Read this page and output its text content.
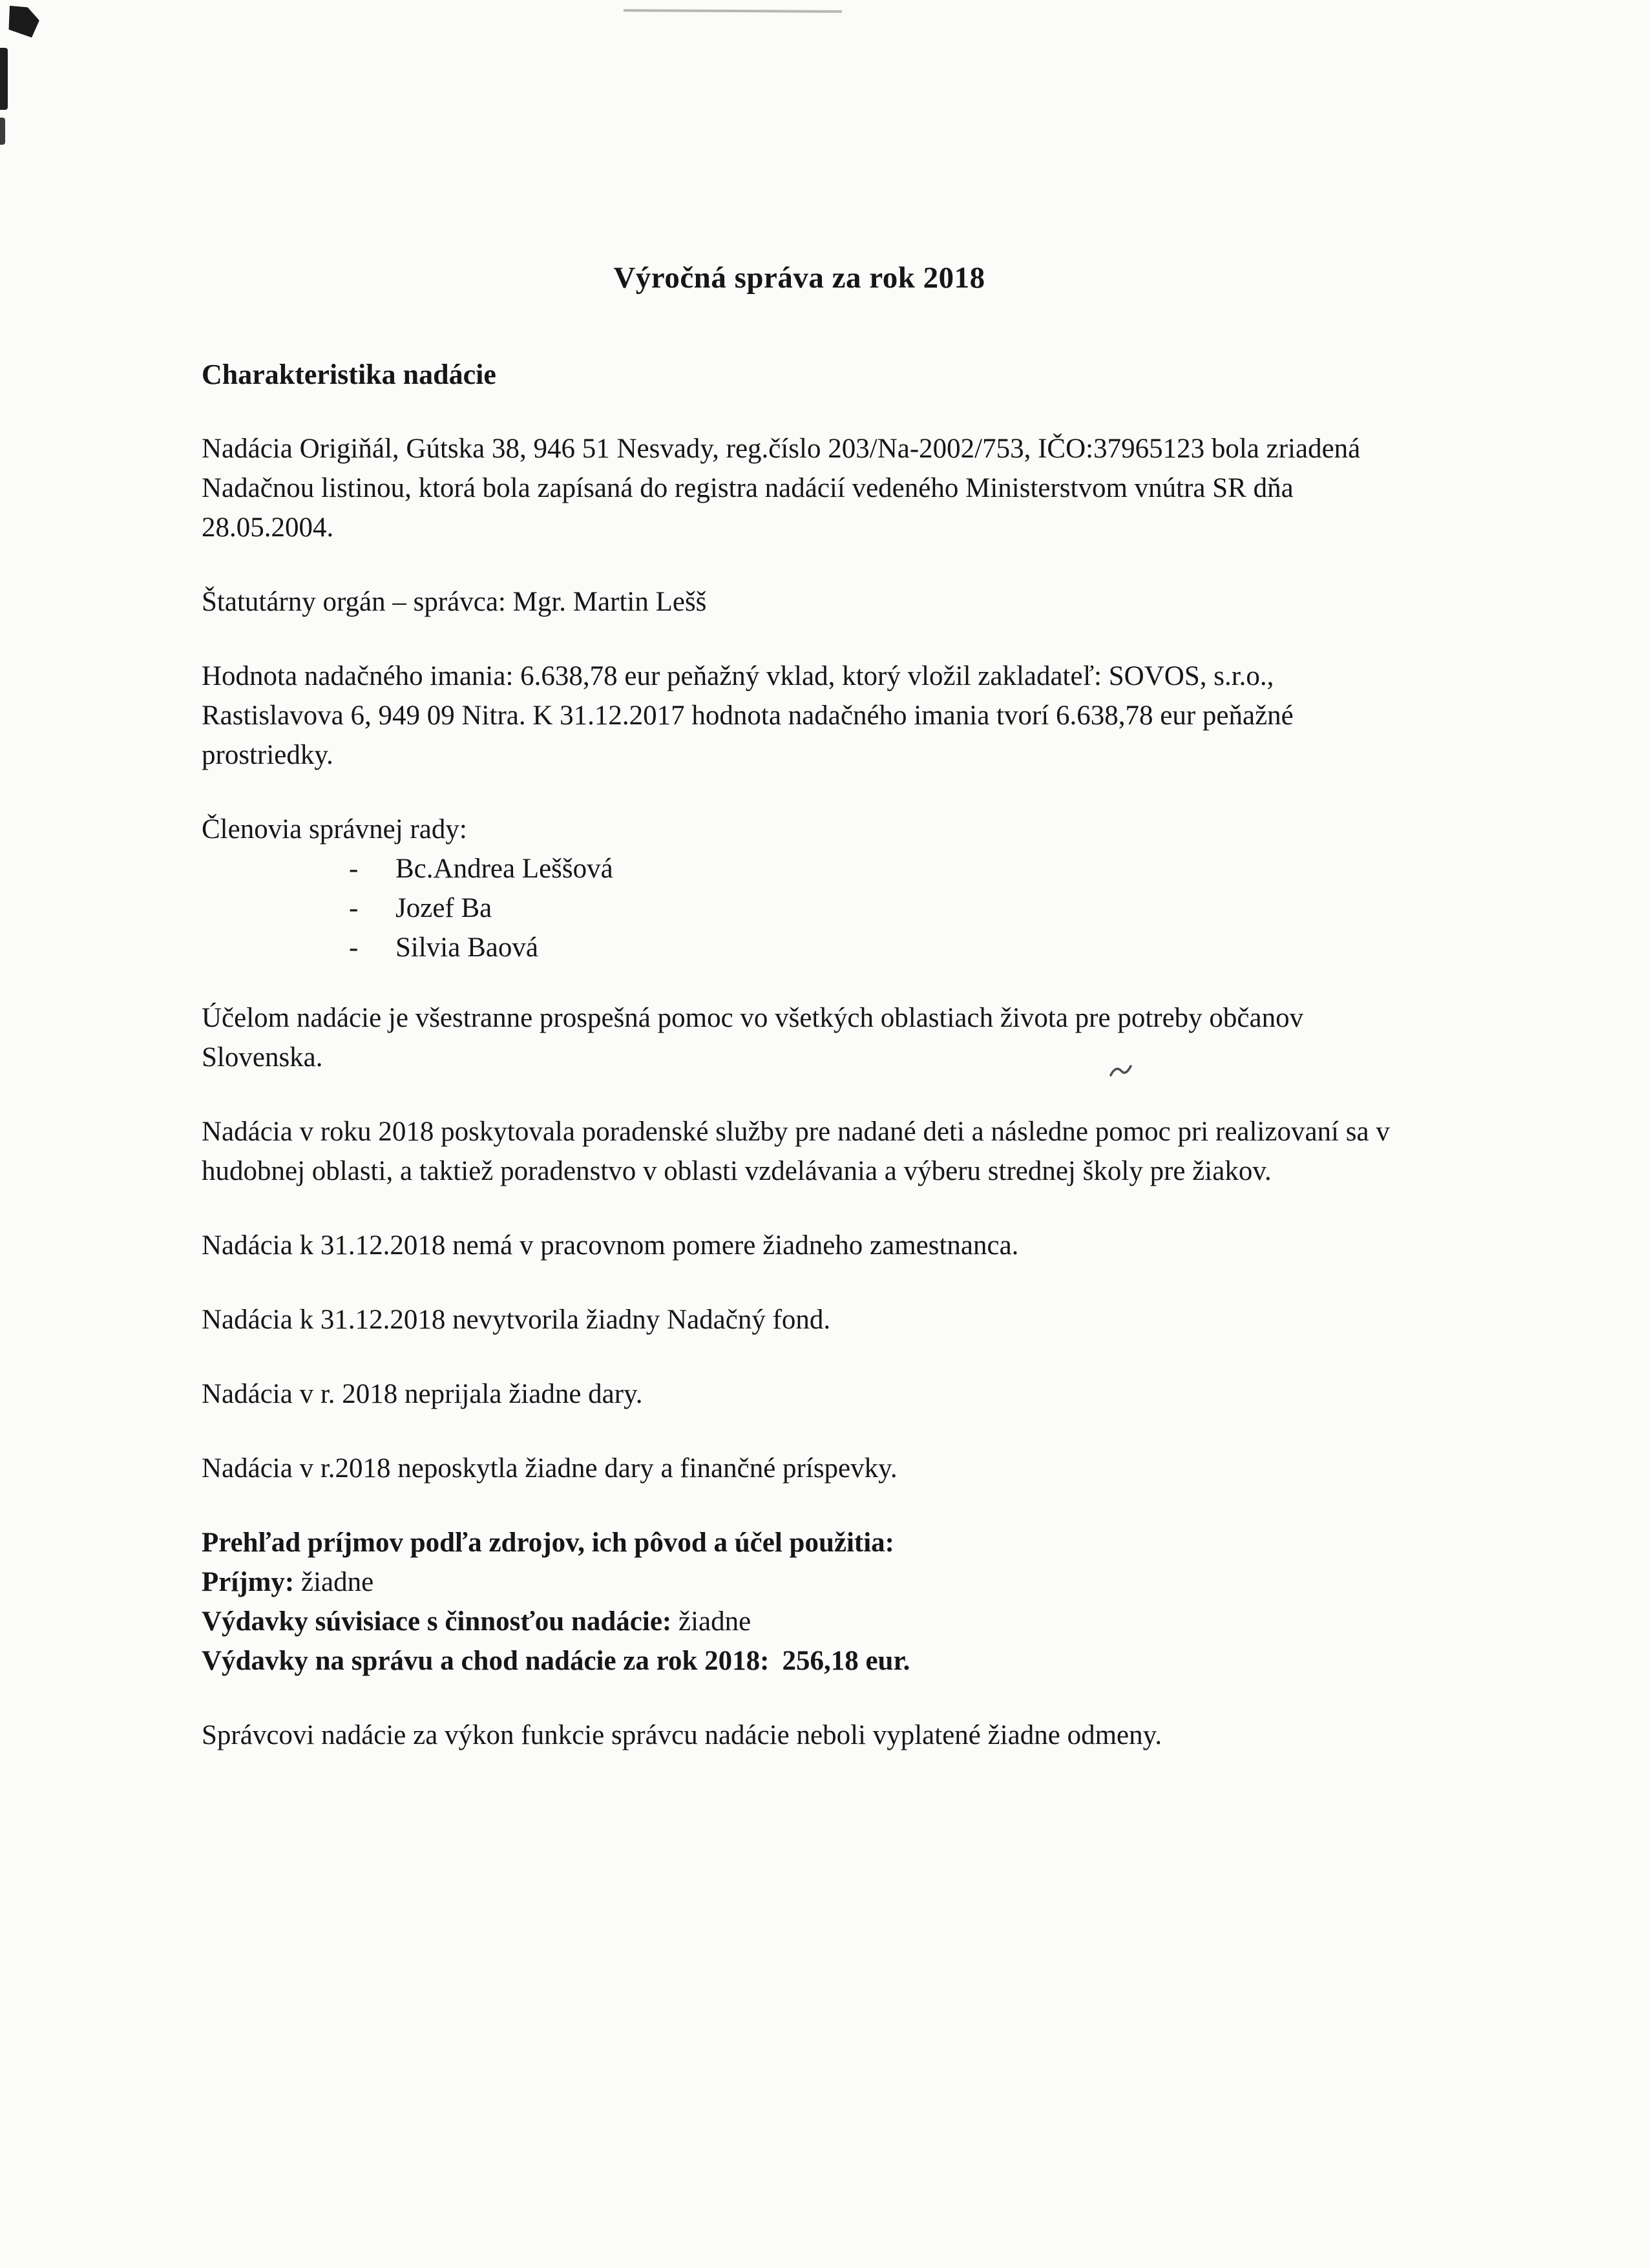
Výročná správa za rok 2018
Charakteristika nadácie

Nadácia Origiňál, Gútska 38, 946 51 Nesvady, reg.číslo 203/Na-2002/753, IČO:37965123 bola zriadená Nadačnou listinou, ktorá bola zapísaná do registra nadácií vedeného Ministerstvom vnútra SR dňa 28.05.2004.

Štatutárny orgán – správca: Mgr. Martin Lešš

Hodnota nadačného imania: 6.638,78 eur peňažný vklad, ktorý vložil zakladateľ: SOVOS, s.r.o., Rastislavova 6, 949 09 Nitra. K 31.12.2017 hodnota nadačného imania tvorí 6.638,78 eur peňažné prostriedky.

Členovia správnej rady:

- Bc.Andrea Leššová
- Jozef Ba
- Silvia Baová

Účelom nadácie je všestranne prospešná pomoc vo všetkých oblastiach života pre potreby občanov Slovenska.

Nadácia v roku 2018 poskytovala poradenské služby pre nadané deti a následne pomoc pri realizovaní sa v hudobnej oblasti, a taktiež poradenstvo v oblasti vzdelávania a výberu strednej školy pre žiakov.

Nadácia k 31.12.2018 nemá v pracovnom pomere žiadneho zamestnanca.

Nadácia k 31.12.2018 nevytvorila žiadny Nadačný fond.

Nadácia v r. 2018 neprijala žiadne dary.

Nadácia v r.2018 neposkytla žiadne dary a finančné príspevky.

Prehľad príjmov podľa zdrojov, ich pôvod a účel použitia:

Príjmy: žiadne

Výdavky súvisiace s činnosťou nadácie: žiadne

Výdavky na správu a chod nadácie za rok 2018: 256,18 eur.

Správcovi nadácie za výkon funkcie správcu nadácie neboli vyplatené žiadne odmeny.
